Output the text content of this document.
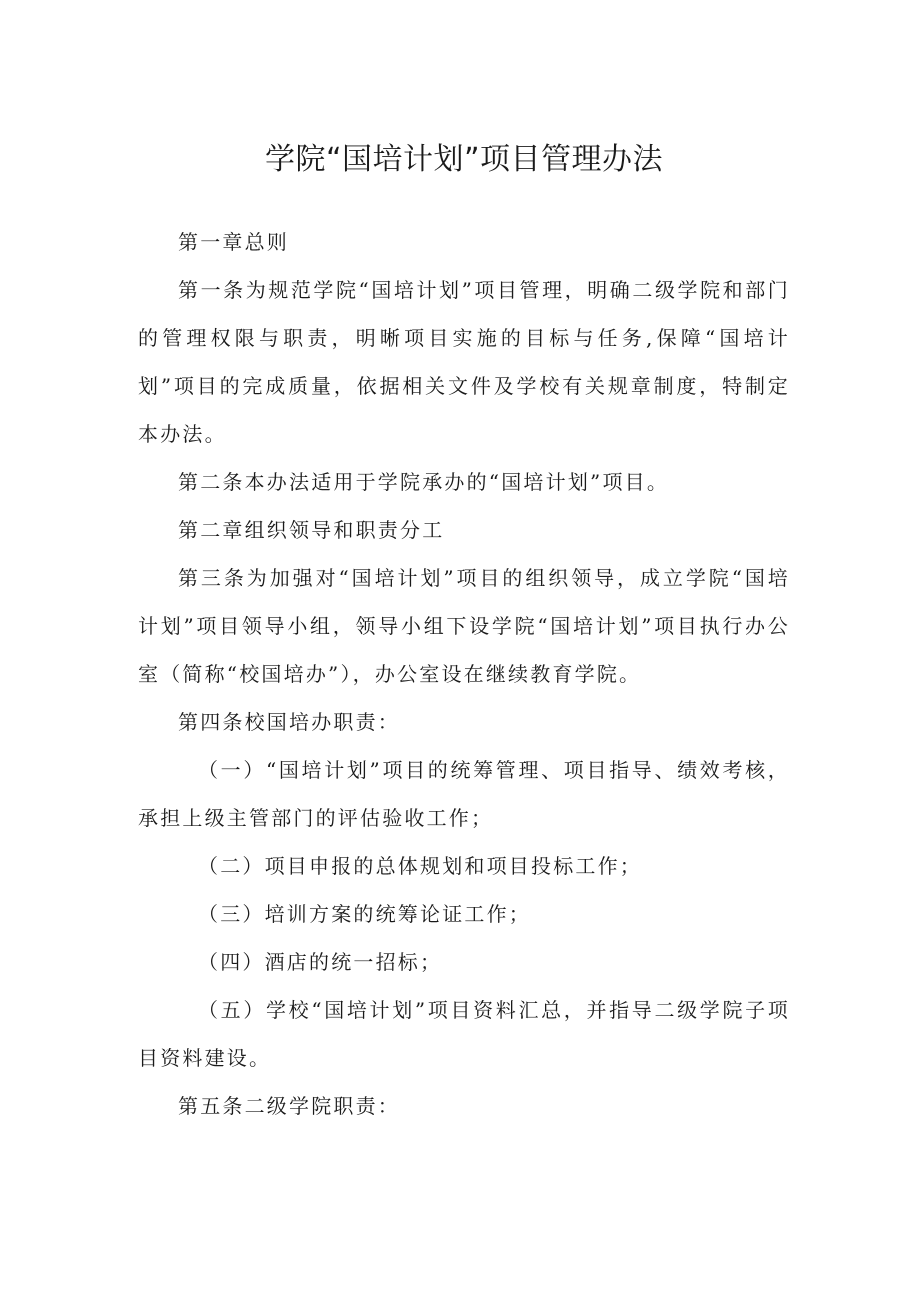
学院“国培计划”项目管理办法

第一章总则

第一条为规范学院“国培计划”项目管理，明确二级学院和部门的管理权限与职责，明晰项目实施的目标与任务,保障“国培计划”项目的完成质量，依据相关文件及学校有关规章制度，特制定本办法。

第二条本办法适用于学院承办的“国培计划”项目。

第二章组织领导和职责分工

第三条为加强对“国培计划”项目的组织领导，成立学院“国培计划”项目领导小组，领导小组下设学院“国培计划”项目执行办公室（简称“校国培办”），办公室设在继续教育学院。

第四条校国培办职责：

（一）“国培计划”项目的统筹管理、项目指导、绩效考核，承担上级主管部门的评估验收工作；

（二）项目申报的总体规划和项目投标工作；

（三）培训方案的统筹论证工作；

（四）酒店的统一招标；

（五）学校“国培计划”项目资料汇总，并指导二级学院子项目资料建设。

第五条二级学院职责：
